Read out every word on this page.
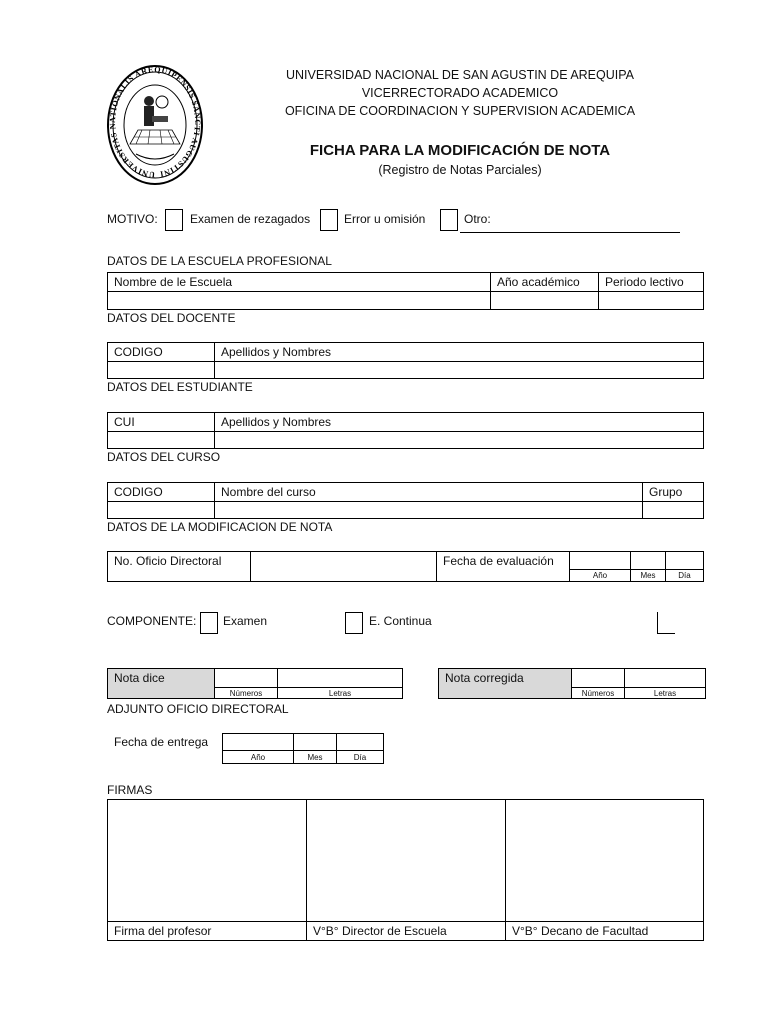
UNIVERSITAS NATIONALIS AREQUIPENSIS SANCTI AUGUSTINI
UNIVERSIDAD NACIONAL DE SAN AGUSTIN DE AREQUIPA
VICERRECTORADO ACADEMICO
OFICINA DE COORDINACION Y SUPERVISION ACADEMICA
FICHA PARA LA MODIFICACIÓN DE NOTA
(Registro de Notas Parciales)
MOTIVO:	Examen de rezagados	Error u omisión	Otro:
DATOS DE LA ESCUELA PROFESIONAL
Nombre de le Escuela	Año académico	Periodo lectivo

DATOS DEL DOCENTE
CODIGO	Apellidos y Nombres

DATOS DEL ESTUDIANTE
CUI	Apellidos y Nombres

DATOS DEL CURSO
CODIGO	Nombre del curso	Grupo

DATOS DE LA MODIFICACION DE NOTA
No. Oficio Directoral		Fecha de evaluación			
			Año	Mes	Día
COMPONENTE: Examen	E. Continua
Nota dice		
	Números	Letras
Nota corregida		
	Números	Letras
ADJUNTO OFICIO DIRECTORAL
Fecha de entrega

Año	Mes	Día
FIRMAS

Firma del profesor	V°B° Director de Escuela	V°B° Decano de Facultad
